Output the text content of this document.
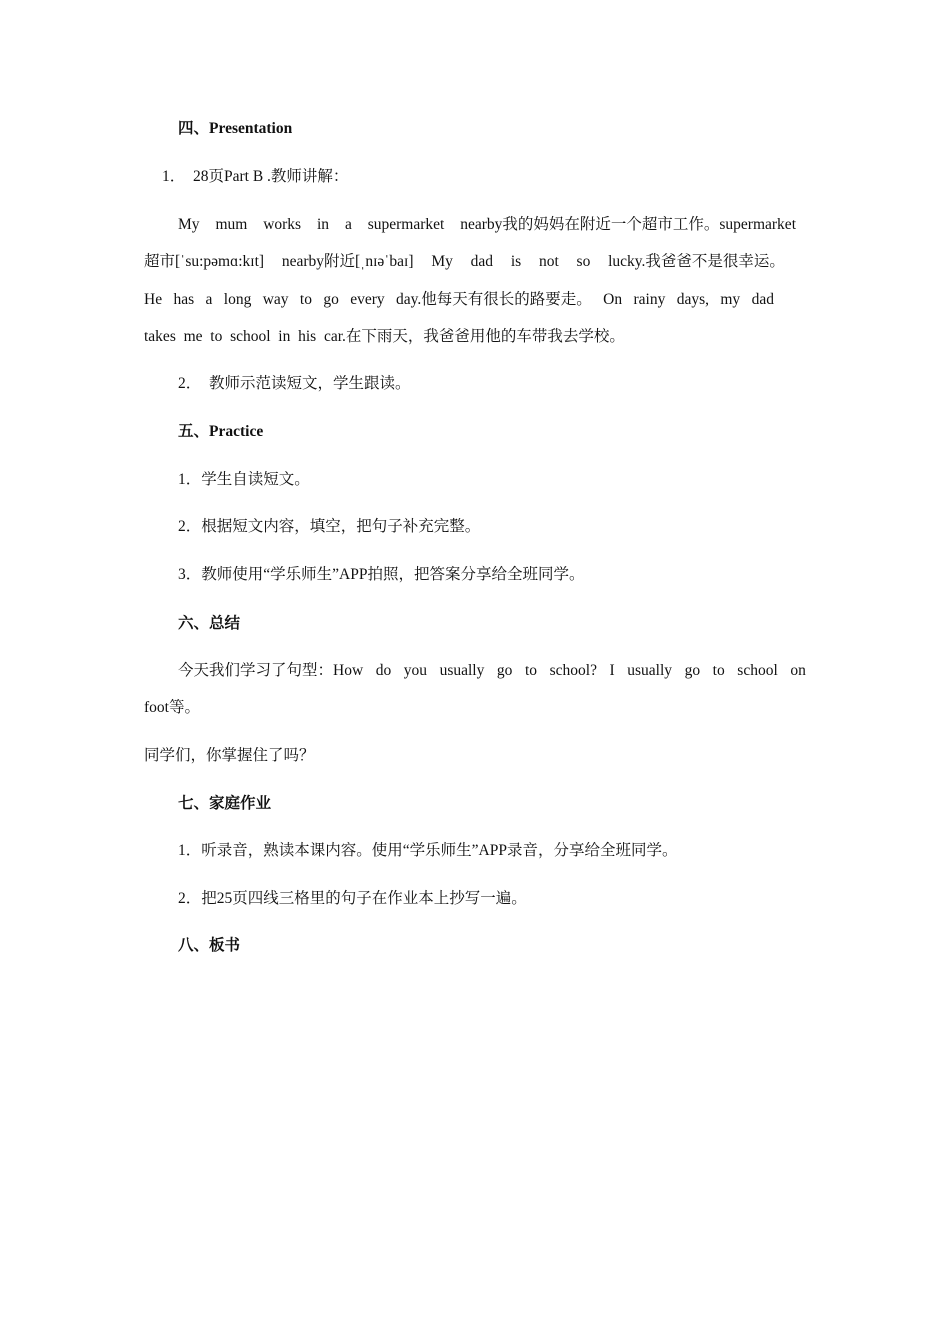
四、Presentation
1．　28页Part B .教师讲解：
My mum works in a supermarket nearby我的妈妈在附近一个超市工作。supermarket
超市[ˈsu:pəmɑ:kɪt] nearby附近[ˌnɪəˈbaɪ] My dad is not so lucky.我爸爸不是很幸运。
He has a long way to go every day.他每天有很长的路要走。 On rainy days, my dad
takes  me  to  school  in  his  car.在下雨天，我爸爸用他的车带我去学校。
2．　教师示范读短文，学生跟读。
五、Practice
1．学生自读短文。
2．根据短文内容，填空，把句子补充完整。
3．教师使用“学乐师生”APP拍照，把答案分享给全班同学。
六、总结
今天我们学习了句型：How do you usually go to school? I usually go to school on
foot等。
同学们，你掌握住了吗？
七、家庭作业
1．听录音，熟读本课内容。使用“学乐师生”APP录音，分享给全班同学。
2．把25页四线三格里的句子在作业本上抄写一遍。
八、板书
